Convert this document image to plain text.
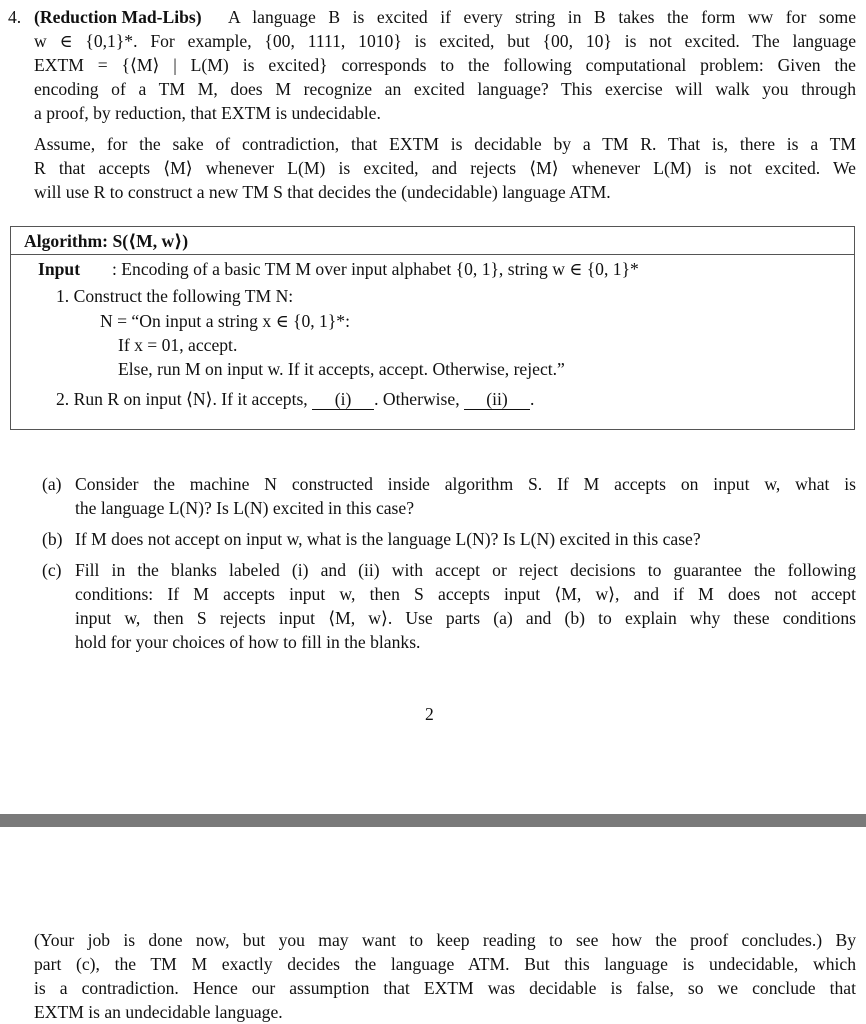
4. (Reduction Mad-Libs) A language B is excited if every string in B takes the form ww for some
w ∈ {0,1}*. For example, {00, 1111, 1010} is excited, but {00, 10} is not excited. The language
EXTM = {⟨M⟩ | L(M) is excited} corresponds to the following computational problem: Given the
encoding of a TM M, does M recognize an excited language? This exercise will walk you through
a proof, by reduction, that EXTM is undecidable.
Assume, for the sake of contradiction, that EXTM is decidable by a TM R. That is, there is a TM
R that accepts ⟨M⟩ whenever L(M) is excited, and rejects ⟨M⟩ whenever L(M) is not excited. We
will use R to construct a new TM S that decides the (undecidable) language ATM.
Algorithm: S(⟨M, w⟩)
Input : Encoding of a basic TM M over input alphabet {0, 1}, string w ∈ {0, 1}*
1. Construct the following TM N:
N = “On input a string x ∈ {0, 1}*:
If x = 01, accept.
Else, run M on input w. If it accepts, accept. Otherwise, reject.”
2. Run R on input ⟨N⟩. If it accepts, (i) . Otherwise, (ii) .
(a) Consider the machine N constructed inside algorithm S. If M accepts on input w, what is
the language L(N)? Is L(N) excited in this case?
(b) If M does not accept on input w, what is the language L(N)? Is L(N) excited in this case?
(c) Fill in the blanks labeled (i) and (ii) with accept or reject decisions to guarantee the following
conditions: If M accepts input w, then S accepts input ⟨M, w⟩, and if M does not accept
input w, then S rejects input ⟨M, w⟩. Use parts (a) and (b) to explain why these conditions
hold for your choices of how to fill in the blanks.
2
(Your job is done now, but you may want to keep reading to see how the proof concludes.) By
part (c), the TM M exactly decides the language ATM. But this language is undecidable, which
is a contradiction. Hence our assumption that EXTM was decidable is false, so we conclude that
EXTM is an undecidable language.
